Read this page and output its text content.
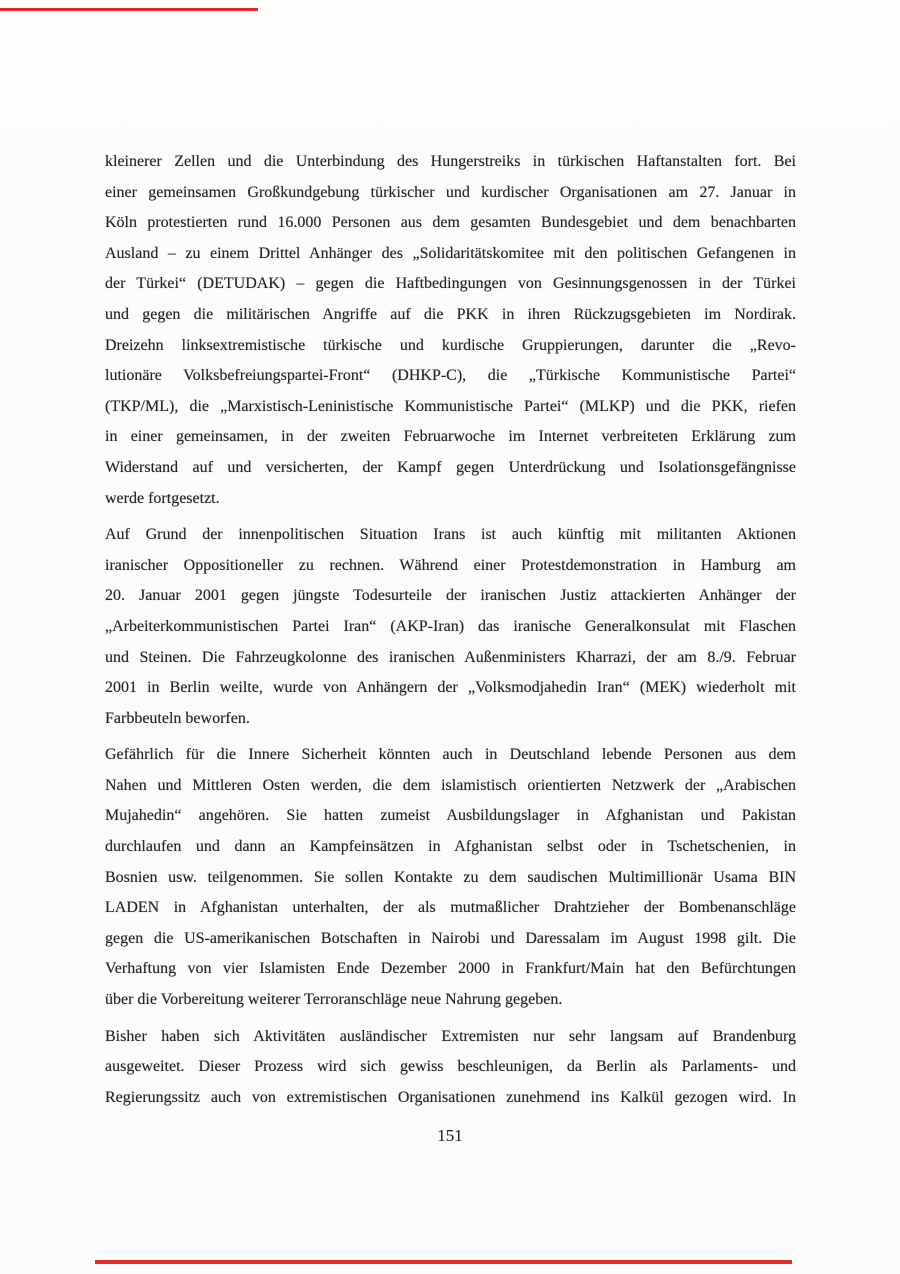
kleinerer Zellen und die Unterbindung des Hungerstreiks in türkischen Haftanstalten fort. Bei
einer gemeinsamen Großkundgebung türkischer und kurdischer Organisationen am 27. Januar in
Köln protestierten rund 16.000 Personen aus dem gesamten Bundesgebiet und dem benachbarten
Ausland – zu einem Drittel Anhänger des „Solidaritätskomitee mit den politischen Gefangenen in
der Türkei“ (DETUDAK) – gegen die Haftbedingungen von Gesinnungsgenossen in der Türkei
und gegen die militärischen Angriffe auf die PKK in ihren Rückzugsgebieten im Nordirak.
Dreizehn linksextremistische türkische und kurdische Gruppierungen, darunter die „Revo-
lutionäre Volksbefreiungspartei-Front“ (DHKP-C), die „Türkische Kommunistische Partei“
(TKP/ML), die „Marxistisch-Leninistische Kommunistische Partei“ (MLKP) und die PKK, riefen
in einer gemeinsamen, in der zweiten Februarwoche im Internet verbreiteten Erklärung zum
Widerstand auf und versicherten, der Kampf gegen Unterdrückung und Isolationsgefängnisse
werde fortgesetzt.
Auf Grund der innenpolitischen Situation Irans ist auch künftig mit militanten Aktionen
iranischer Oppositioneller zu rechnen. Während einer Protestdemonstration in Hamburg am
20. Januar 2001 gegen jüngste Todesurteile der iranischen Justiz attackierten Anhänger der
„Arbeiterkommunistischen Partei Iran“ (AKP-Iran) das iranische Generalkonsulat mit Flaschen
und Steinen. Die Fahrzeugkolonne des iranischen Außenministers Kharrazi, der am 8./9. Februar
2001 in Berlin weilte, wurde von Anhängern der „Volksmodjahedin Iran“ (MEK) wiederholt mit
Farbbeuteln beworfen.
Gefährlich für die Innere Sicherheit könnten auch in Deutschland lebende Personen aus dem
Nahen und Mittleren Osten werden, die dem islamistisch orientierten Netzwerk der „Arabischen
Mujahedin“ angehören. Sie hatten zumeist Ausbildungslager in Afghanistan und Pakistan
durchlaufen und dann an Kampfeinsätzen in Afghanistan selbst oder in Tschetschenien, in
Bosnien usw. teilgenommen. Sie sollen Kontakte zu dem saudischen Multimillionär Usama BIN
LADEN in Afghanistan unterhalten, der als mutmaßlicher Drahtzieher der Bombenanschläge
gegen die US-amerikanischen Botschaften in Nairobi und Daressalam im August 1998 gilt. Die
Verhaftung von vier Islamisten Ende Dezember 2000 in Frankfurt/Main hat den Befürchtungen
über die Vorbereitung weiterer Terroranschläge neue Nahrung gegeben.
Bisher haben sich Aktivitäten ausländischer Extremisten nur sehr langsam auf Brandenburg
ausgeweitet. Dieser Prozess wird sich gewiss beschleunigen, da Berlin als Parlaments- und
Regierungssitz auch von extremistischen Organisationen zunehmend ins Kalkül gezogen wird. In
151
